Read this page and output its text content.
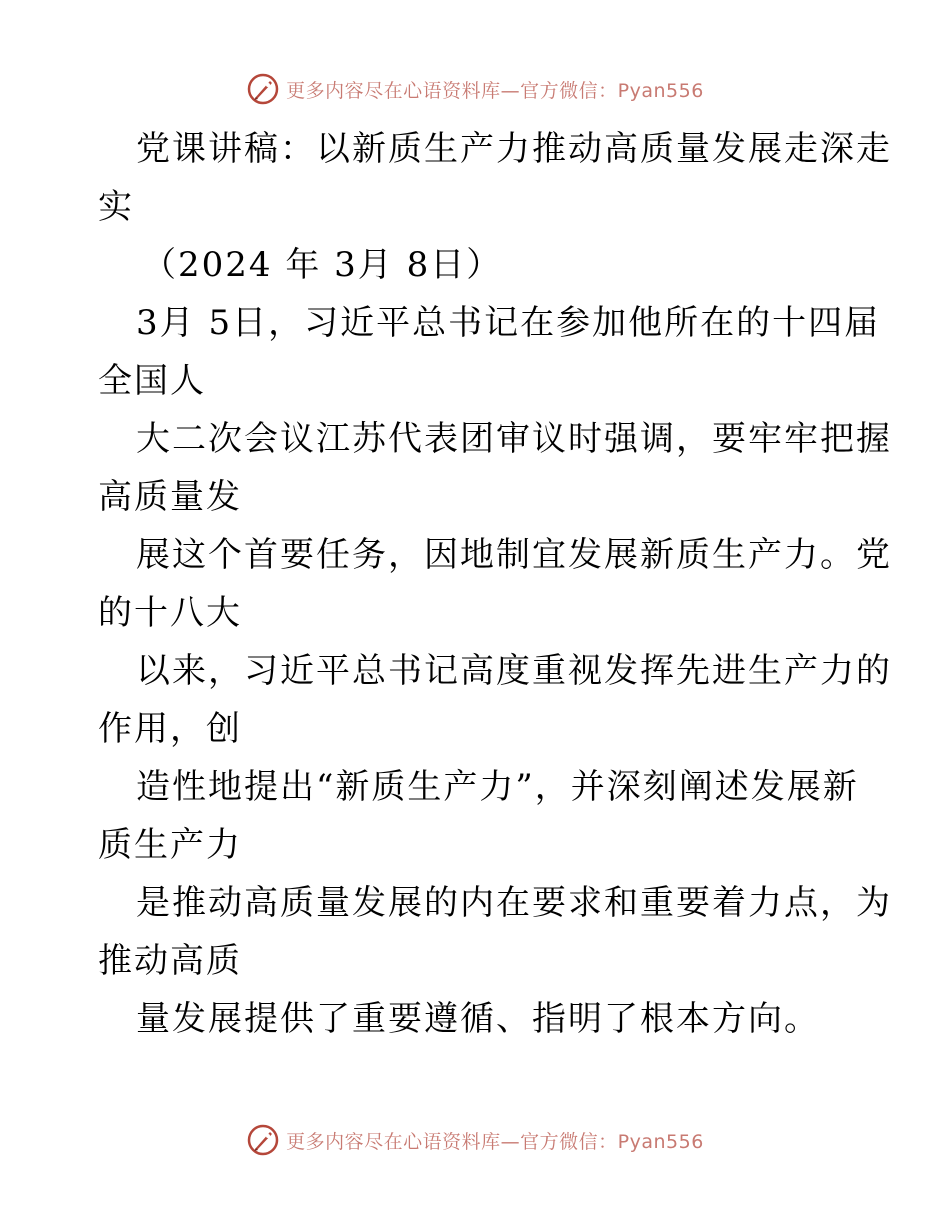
更多内容尽在心语资料库—官方微信：Pyan556
党课讲稿：以新质生产力推动高质量发展走深走
实
（2024 年 3月 8日）
3月 5日，习近平总书记在参加他所在的十四届
全国人
大二次会议江苏代表团审议时强调，要牢牢把握
高质量发
展这个首要任务，因地制宜发展新质生产力。党
的十八大
以来，习近平总书记高度重视发挥先进生产力的
作用，创
造性地提出“新质生产力”，并深刻阐述发展新
质生产力
是推动高质量发展的内在要求和重要着力点，为
推动高质
量发展提供了重要遵循、指明了根本方向。
更多内容尽在心语资料库—官方微信：Pyan556
